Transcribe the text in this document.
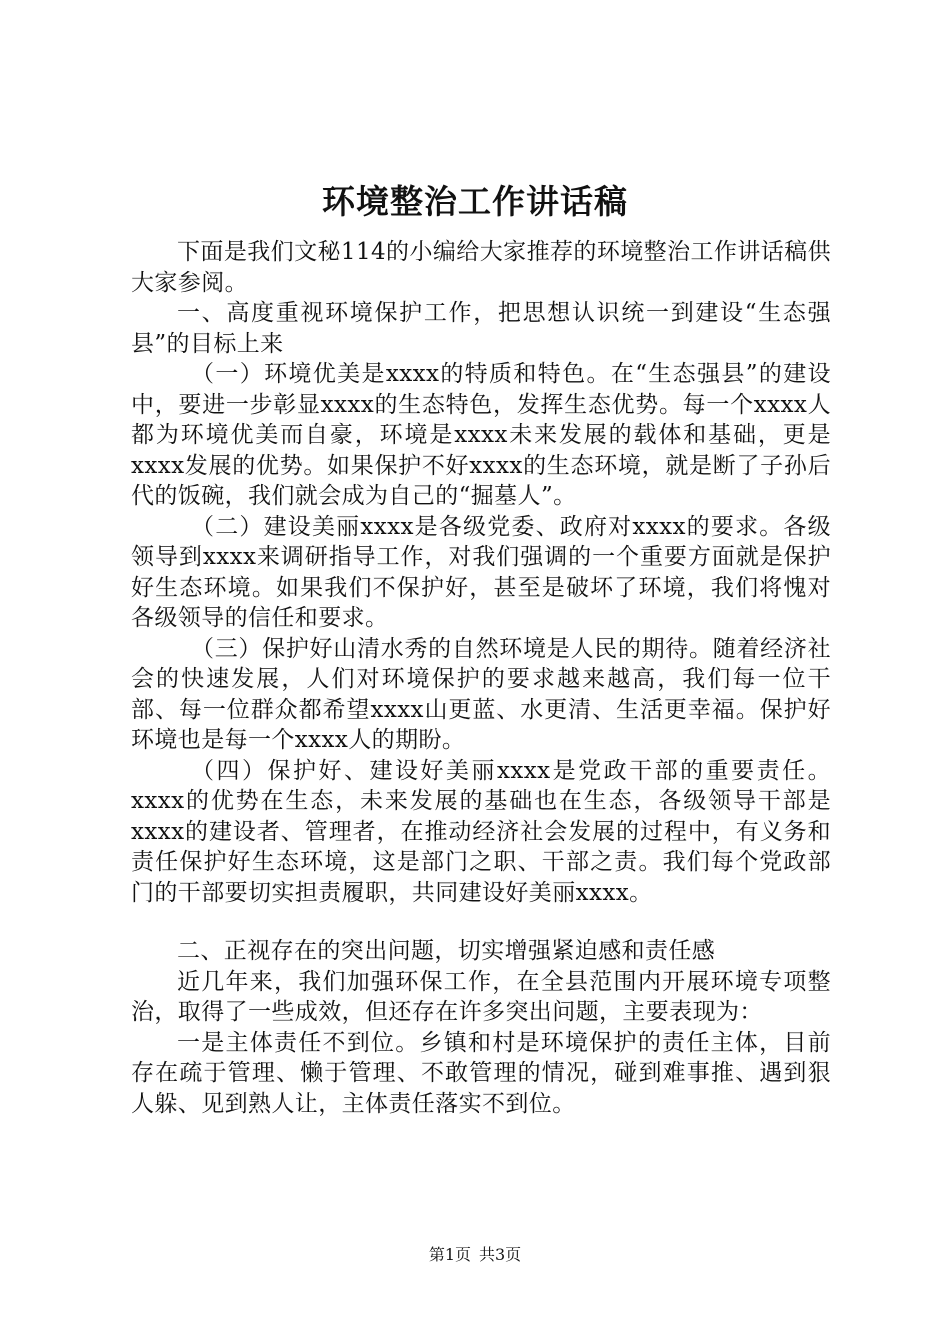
环境整治工作讲话稿

下面是我们文秘114的小编给大家推荐的环境整治工作讲话稿供大家参阅。

一、高度重视环境保护工作，把思想认识统一到建设“生态强县”的目标上来

（一）环境优美是xxxx的特质和特色。在“生态强县”的建设中，要进一步彰显xxxx的生态特色，发挥生态优势。每一个xxxx人都为环境优美而自豪，环境是xxxx未来发展的载体和基础，更是xxxx发展的优势。如果保护不好xxxx的生态环境，就是断了子孙后代的饭碗，我们就会成为自己的“掘墓人”。

（二）建设美丽xxxx是各级党委、政府对xxxx的要求。各级领导到xxxx来调研指导工作，对我们强调的一个重要方面就是保护好生态环境。如果我们不保护好，甚至是破坏了环境，我们将愧对各级领导的信任和要求。

（三）保护好山清水秀的自然环境是人民的期待。随着经济社会的快速发展，人们对环境保护的要求越来越高，我们每一位干部、每一位群众都希望xxxx山更蓝、水更清、生活更幸福。保护好环境也是每一个xxxx人的期盼。

（四）保护好、建设好美丽xxxx是党政干部的重要责任。xxxx的优势在生态，未来发展的基础也在生态，各级领导干部是xxxx的建设者、管理者，在推动经济社会发展的过程中，有义务和责任保护好生态环境，这是部门之职、干部之责。我们每个党政部门的干部要切实担责履职，共同建设好美丽xxxx。

二、正视存在的突出问题，切实增强紧迫感和责任感

近几年来，我们加强环保工作，在全县范围内开展环境专项整治，取得了一些成效，但还存在许多突出问题，主要表现为：

一是主体责任不到位。乡镇和村是环境保护的责任主体，目前存在疏于管理、懒于管理、不敢管理的情况，碰到难事推、遇到狠人躲、见到熟人让，主体责任落实不到位。

第1页 共3页
